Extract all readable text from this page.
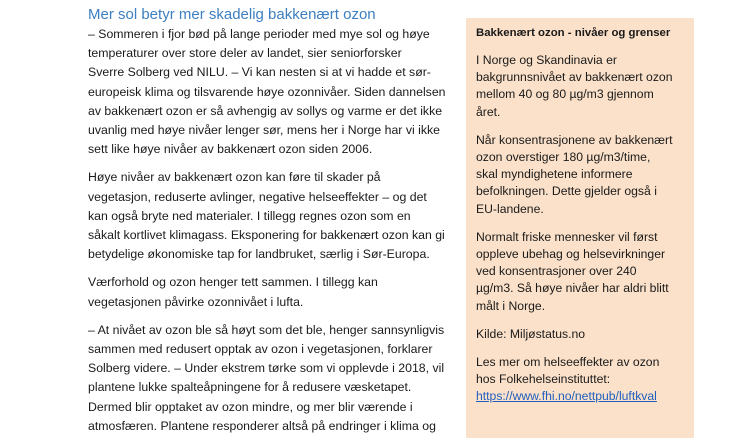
Mer sol betyr mer skadelig bakkenært ozon
– Sommeren i fjor bød på lange perioder med mye sol og høye
temperaturer over store deler av landet, sier seniorforsker
Sverre Solberg ved NILU. – Vi kan nesten si at vi hadde et sør-
europeisk klima og tilsvarende høye ozonnivåer. Siden dannelsen
av bakkenært ozon er så avhengig av sollys og varme er det ikke
uvanlig med høye nivåer lenger sør, mens her i Norge har vi ikke
sett like høye nivåer av bakkenært ozon siden 2006.
Høye nivåer av bakkenært ozon kan føre til skader på
vegetasjon, reduserte avlinger, negative helseeffekter – og det
kan også bryte ned materialer. I tillegg regnes ozon som en
såkalt kortlivet klimagass. Eksponering for bakkenært ozon kan gi
betydelige økonomiske tap for landbruket, særlig i Sør-Europa.
Værforhold og ozon henger tett sammen. I tillegg kan
vegetasjonen påvirke ozonnivået i lufta.
– At nivået av ozon ble så høyt som det ble, henger sannsynligvis
sammen med redusert opptak av ozon i vegetasjonen, forklarer
Solberg videre. – Under ekstrem tørke som vi opplevde i 2018, vil
plantene lukke spalteåpningene for å redusere væsketapet.
Dermed blir opptaket av ozon mindre, og mer blir værende i
atmosfæren. Plantene responderer altså på endringer i klima og
Bakkenært ozon - nivåer og grenser
I Norge og Skandinavia er
bakgrunnsnivået av bakkenært ozon
mellom 40 og 80 µg/m3 gjennom
året.
Når konsentrasjonene av bakkenært
ozon overstiger 180 µg/m3/time,
skal myndighetene informere
befolkningen. Dette gjelder også i
EU-landene.
Normalt friske mennesker vil først
oppleve ubehag og helsevirkninger
ved konsentrasjoner over 240
µg/m3. Så høye nivåer har aldri blitt
målt i Norge.
Kilde: Miljøstatus.no
Les mer om helseeffekter av ozon
hos Folkehelseinstituttet:
https://www.fhi.no/nettpub/luftkval
